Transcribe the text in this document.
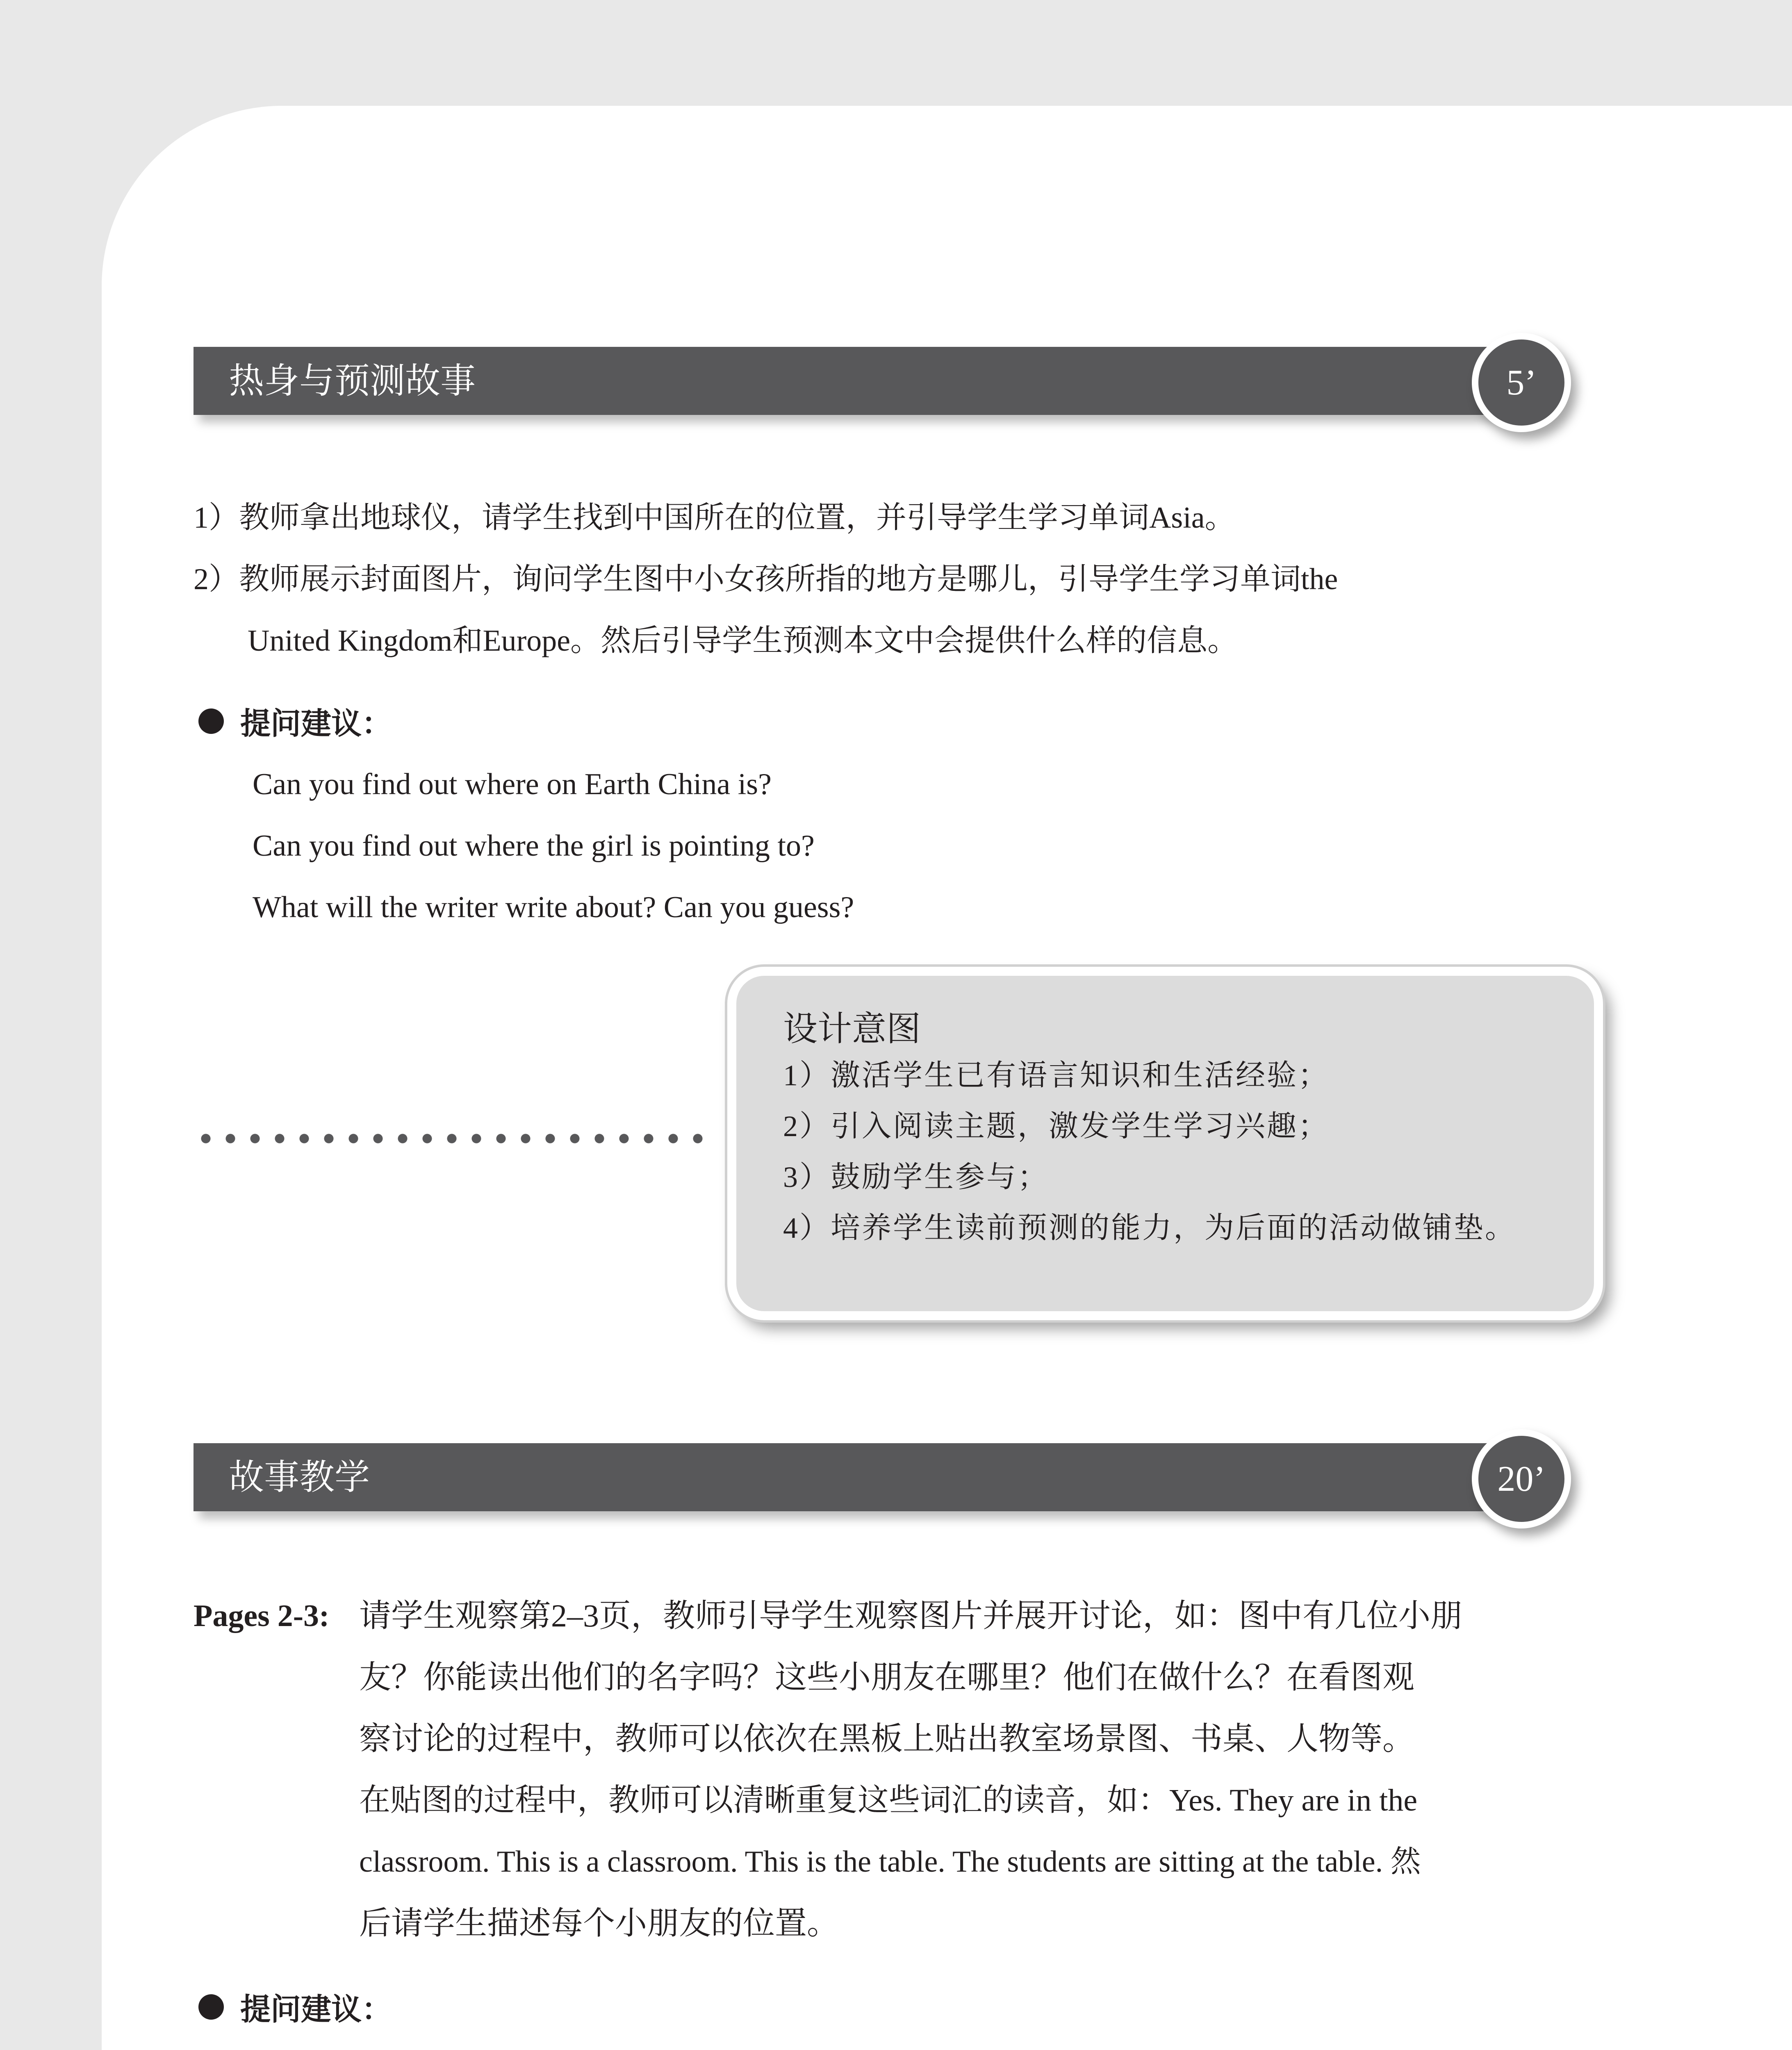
热身与预测故事	5’
1）教师拿出地球仪，请学生找到中国所在的位置，并引导学生学习单词Asia。
2）教师展示封面图片，询问学生图中小女孩所指的地方是哪儿，引导学生学习单词the
United Kingdom和Europe。然后引导学生预测本文中会提供什么样的信息。
提问建议：
Can you find out where on Earth China is?
Can you find out where the girl is pointing to?
What will the writer write about? Can you guess?
设计意图
1）激活学生已有语言知识和生活经验；
2）引入阅读主题，激发学生学习兴趣；
3）鼓励学生参与；
4）培养学生读前预测的能力，为后面的活动做铺垫。
故事教学	20’
Pages 2-3: 请学生观察第2–3页，教师引导学生观察图片并展开讨论，如：图中有几位小朋
友？你能读出他们的名字吗？这些小朋友在哪里？他们在做什么？在看图观
察讨论的过程中，教师可以依次在黑板上贴出教室场景图、书桌、人物等。
在贴图的过程中，教师可以清晰重复这些词汇的读音，如：Yes. They are in the
classroom. This is a classroom. This is the table. The students are sitting at the table. 然
后请学生描述每个小朋友的位置。
提问建议：
